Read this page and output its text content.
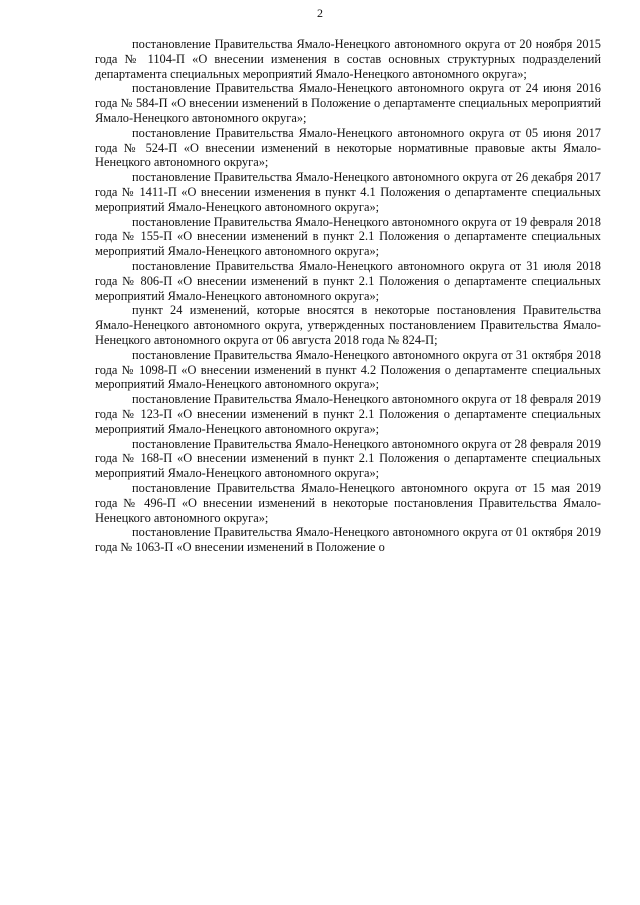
2

постановление Правительства Ямало-Ненецкого автономного округа от 20 ноября 2015 года № 1104-П «О внесении изменения в состав основных структурных подразделений департамента специальных мероприятий Ямало-Ненецкого автономного округа»;

постановление Правительства Ямало-Ненецкого автономного округа от 24 июня 2016 года № 584-П «О внесении изменений в Положение о департаменте специальных мероприятий Ямало-Ненецкого автономного округа»;

постановление Правительства Ямало-Ненецкого автономного округа от 05 июня 2017 года № 524-П «О внесении изменений в некоторые нормативные правовые акты Ямало-Ненецкого автономного округа»;

постановление Правительства Ямало-Ненецкого автономного округа от 26 декабря 2017 года № 1411-П «О внесении изменения в пункт 4.1 Положения о департаменте специальных мероприятий Ямало-Ненецкого автономного округа»;

постановление Правительства Ямало-Ненецкого автономного округа от 19 февраля 2018 года № 155-П «О внесении изменений в пункт 2.1 Положения о департаменте специальных мероприятий Ямало-Ненецкого автономного округа»;

постановление Правительства Ямало-Ненецкого автономного округа от 31 июля 2018 года № 806-П «О внесении изменений в пункт 2.1 Положения о департаменте специальных мероприятий Ямало-Ненецкого автономного округа»;

пункт 24 изменений, которые вносятся в некоторые постановления Правительства Ямало-Ненецкого автономного округа, утвержденных постановлением Правительства Ямало-Ненецкого автономного округа от 06 августа 2018 года № 824-П;

постановление Правительства Ямало-Ненецкого автономного округа от 31 октября 2018 года № 1098-П «О внесении изменений в пункт 4.2 Положения о департаменте специальных мероприятий Ямало-Ненецкого автономного округа»;

постановление Правительства Ямало-Ненецкого автономного округа от 18 февраля 2019 года № 123-П «О внесении изменений в пункт 2.1 Положения о департаменте специальных мероприятий Ямало-Ненецкого автономного округа»;

постановление Правительства Ямало-Ненецкого автономного округа от 28 февраля 2019 года № 168-П «О внесении изменений в пункт 2.1 Положения о департаменте специальных мероприятий Ямало-Ненецкого автономного округа»;

постановление Правительства Ямало-Ненецкого автономного округа от 15 мая 2019 года № 496-П «О внесении изменений в некоторые постановления Правительства Ямало-Ненецкого автономного округа»;

постановление Правительства Ямало-Ненецкого автономного округа от 01 октября 2019 года № 1063-П «О внесении изменений в Положение о
